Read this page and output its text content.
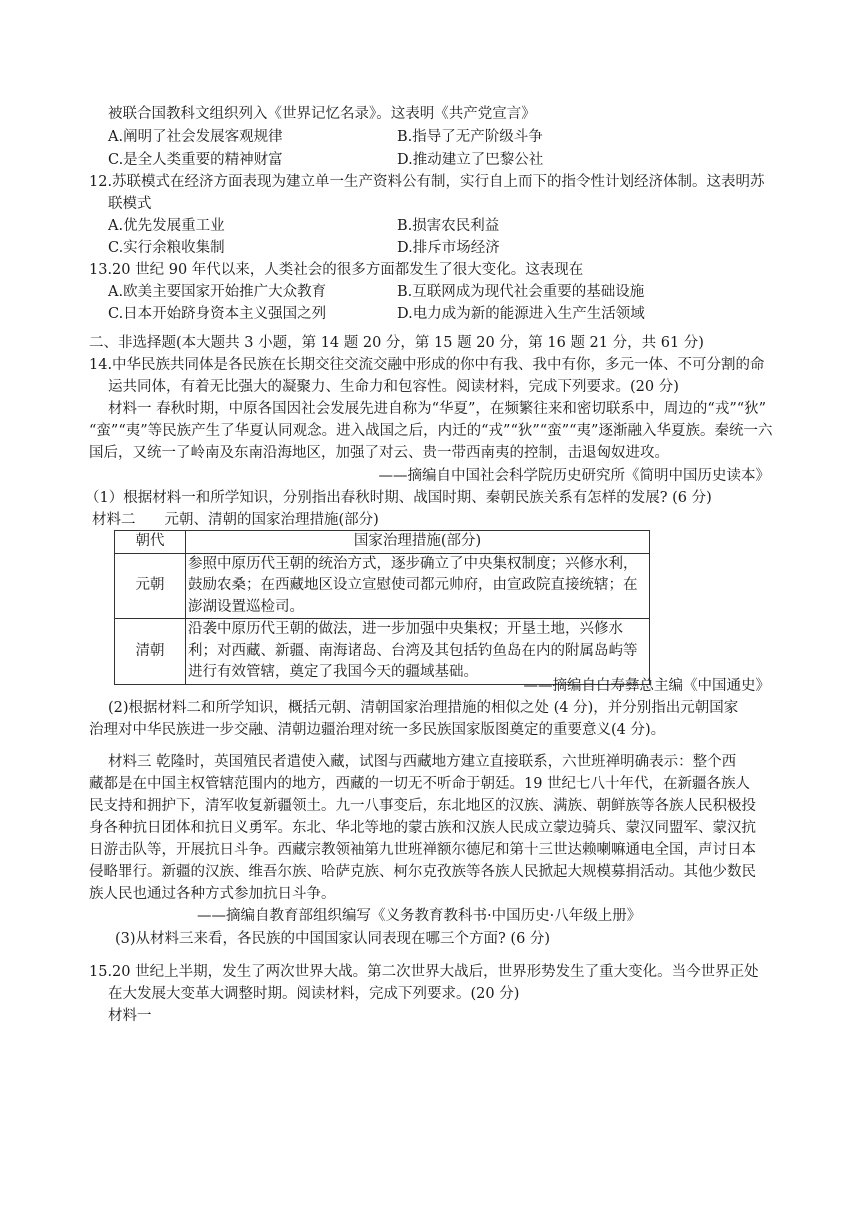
被联合国教科文组织列入《世界记忆名录》。这表明《共产党宣言》
A.阐明了社会发展客观规律	B.指导了无产阶级斗争
C.是全人类重要的精神财富	D.推动建立了巴黎公社
12.苏联模式在经济方面表现为建立单一生产资料公有制，实行自上而下的指令性计划经济体制。这表明苏
联模式
A.优先发展重工业	B.损害农民利益
C.实行余粮收集制	D.排斥市场经济
13.20 世纪 90 年代以来，人类社会的很多方面都发生了很大变化。这表现在
A.欧美主要国家开始推广大众教育	B.互联网成为现代社会重要的基础设施
C.日本开始跻身资本主义强国之列	D.电力成为新的能源进入生产生活领域
二、非选择题(本大题共 3 小题，第 14 题 20 分，第 15 题 20 分，第 16 题 21 分，共 61 分)
14.中华民族共同体是各民族在长期交往交流交融中形成的你中有我、我中有你，多元一体、不可分割的命
运共同体，有着无比强大的凝聚力、生命力和包容性。阅读材料，完成下列要求。(20 分)
材料一 春秋时期，中原各国因社会发展先进自称为“华夏”，在频繁往来和密切联系中，周边的“戎”“狄”
“蛮”“夷”等民族产生了华夏认同观念。进入战国之后，内迁的“戎”“狄”“蛮”“夷”逐渐融入华夏族。秦统一六
国后，又统一了岭南及东南沿海地区，加强了对云、贵一带西南夷的控制，击退匈奴进攻。
——摘编自中国社会科学院历史研究所《简明中国历史读本》
（1）根据材料一和所学知识，分别指出春秋时期、战国时期、秦朝民族关系有怎样的发展? (6 分)
材料二　　元朝、清朝的国家治理措施(部分)
朝代	国家治理措施(部分)
元朝	参照中原历代王朝的统治方式，逐步确立了中央集权制度；兴修水利，鼓励农桑；在西藏地区设立宣慰使司都元帅府，由宣政院直接统辖；在澎湖设置巡检司。
清朝	沿袭中原历代王朝的做法，进一步加强中央集权；开垦土地，兴修水利；对西藏、新疆、南海诸岛、台湾及其包括钓鱼岛在内的附属岛屿等进行有效管辖，奠定了我国今天的疆域基础。
——摘编自白寿彝总主编《中国通史》
(2)根据材料二和所学知识，概括元朝、清朝国家治理措施的相似之处 (4 分)，并分别指出元朝国家
治理对中华民族进一步交融、清朝边疆治理对统一多民族国家版图奠定的重要意义(4 分)。
材料三 乾隆时，英国殖民者遣使入藏，试图与西藏地方建立直接联系，六世班禅明确表示：整个西
藏都是在中国主权管辖范围内的地方，西藏的一切无不听命于朝廷。19 世纪七八十年代，在新疆各族人
民支持和拥护下，清军收复新疆领土。九一八事变后，东北地区的汉族、满族、朝鲜族等各族人民积极投
身各种抗日团体和抗日义勇军。东北、华北等地的蒙古族和汉族人民成立蒙边骑兵、蒙汉同盟军、蒙汉抗
日游击队等，开展抗日斗争。西藏宗教领袖第九世班禅额尔德尼和第十三世达赖喇嘛通电全国，声讨日本
侵略罪行。新疆的汉族、维吾尔族、哈萨克族、柯尔克孜族等各族人民掀起大规模募捐活动。其他少数民
族人民也通过各种方式参加抗日斗争。
——摘编自教育部组织编写《义务教育教科书·中国历史·八年级上册》
(3)从材料三来看，各民族的中国国家认同表现在哪三个方面? (6 分)
15.20 世纪上半期，发生了两次世界大战。第二次世界大战后，世界形势发生了重大变化。当今世界正处
在大发展大变革大调整时期。阅读材料，完成下列要求。(20 分)
材料一
